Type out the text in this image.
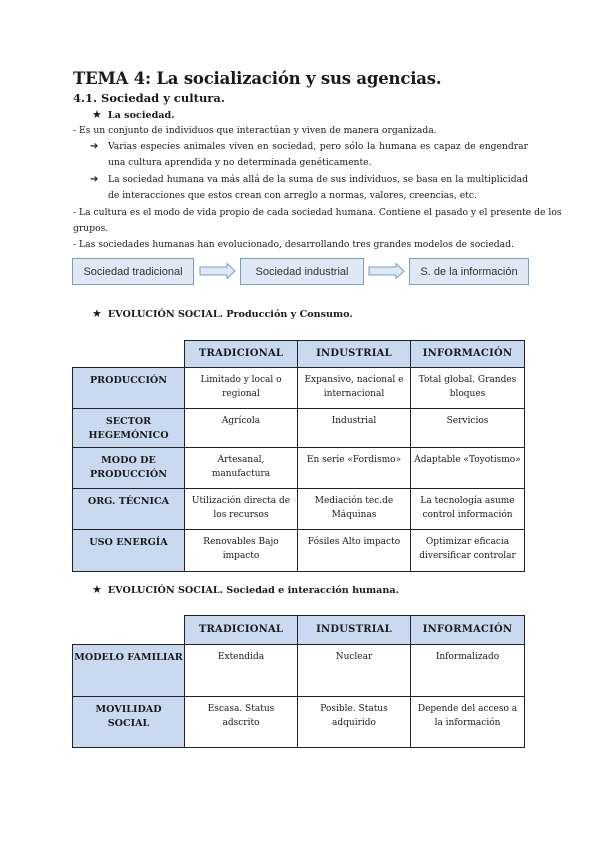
TEMA 4: La socialización y sus agencias.
4.1. Sociedad y cultura.
★ La sociedad.
- Es un conjunto de individuos que interactúan y viven de manera organizada.
➔ Varias especies animales viven en sociedad, pero sólo la humana es capaz de engendrar una cultura aprendida y no determinada genéticamente.
➔ La sociedad humana va más allá de la suma de sus individuos, se basa en la multiplicidad de interacciones que estos crean con arreglo a normas, valores, creencias, etc.
- La cultura es el modo de vida propio de cada sociedad humana. Contiene el pasado y el presente de los
grupos.
- Las sociedades humanas han evolucionado, desarrollando tres grandes modelos de sociedad.
Sociedad tradicional	Sociedad industrial	S. de la información
★ EVOLUCIÓN SOCIAL. Producción y Consumo.
	TRADICIONAL	INDUSTRIAL	INFORMACIÓN
PRODUCCIÓN	Limitado y local o regional	Expansivo, nacional e internacional	Total global. Grandes bloques
SECTOR HEGEMÓNICO	Agrícola	Industrial	Servicios
MODO DE PRODUCCIÓN	Artesanal, manufactura	En serie «Fordismo»	Adaptable «Toyotismo»
ORG. TÉCNICA	Utilización directa de los recursos	Mediación tec.de Máquinas	La tecnología asume control información
USO ENERGÍA	Renovables Bajo impacto	Fósiles Alto impacto	Optimizar eficacia diversificar controlar
★ EVOLUCIÓN SOCIAL. Sociedad e interacción humana.
	TRADICIONAL	INDUSTRIAL	INFORMACIÓN
MODELO FAMILIAR	Extendida	Nuclear	Informalizado
MOVILIDAD SOCIAL	Escasa. Status adscrito	Posible. Status adquirido	Depende del acceso a la información
